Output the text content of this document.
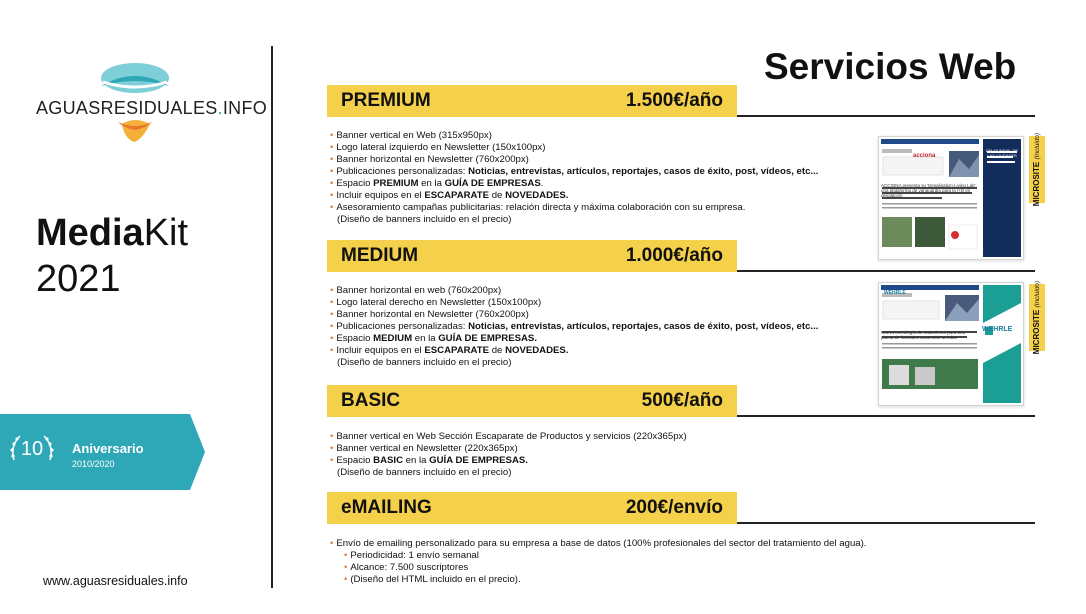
AGUASRESIDUALES.INFO
MediaKit
2021
10 Aniversario
2010/2020
www.aguasresiduales.info
Servicios Web
PREMIUM	1.500€/año
• Banner vertical en Web (315x950px)
• Logo lateral izquierdo en Newsletter (150x100px)
• Banner horizontal en Newsletter (760x200px)
• Publicaciones personalizadas: Noticias, entrevistas, artículos, reportajes, casos de éxito, post, vídeos, etc...
• Espacio PREMIUM en la GUÍA DE EMPRESAS.
• Incluir equipos en el ESCAPARATE de NOVEDADES.
• Asesoramiento campañas publicitarias: relación directa y máxima colaboración con su empresa.
(Diseño de banners incluido en el precio)
acciona
ACCIONA presenta su 'Desalination Living Lab', una plataforma de vanguardia para la I+D en desalación
DÍA MUNDIAL DE LAS CIUDADES
MICROSITE (Incluido)
MEDIUM	1.000€/año
• Banner horizontal en web (760x200px)
• Logo lateral derecho en Newsletter (150x100px)
• Banner horizontal en Newsletter (760x200px)
• Publicaciones personalizadas: Noticias, entrevistas, artículos, reportajes, casos de éxito, post, vídeos, etc...
• Espacio MEDIUM en la GUÍA DE EMPRESAS.
• Incluir equipos en el ESCAPARATE de NOVEDADES.
(Diseño de banners incluido en el precio)
WEHRLE
WEHRLE
Nueva tecnología de tratamiento para una planta de lixiviados anaerobio-aerobia	MICROSITE (Incluido)
BASIC	500€/año
• Banner vertical en Web Sección Escaparate de Productos y servicios (220x365px)
• Banner vertical en Newsletter (220x365px)
• Espacio BASIC en la GUÍA DE EMPRESAS.
(Diseño de banners incluido en el precio)
eMAILING	200€/envío
• Envío de emailing personalizado para su empresa a base de datos (100% profesionales del sector del tratamiento del agua).
• Periodicidad: 1 envío semanal
• Alcance: 7.500 suscriptores
• (Diseño del HTML incluido en el precio).
